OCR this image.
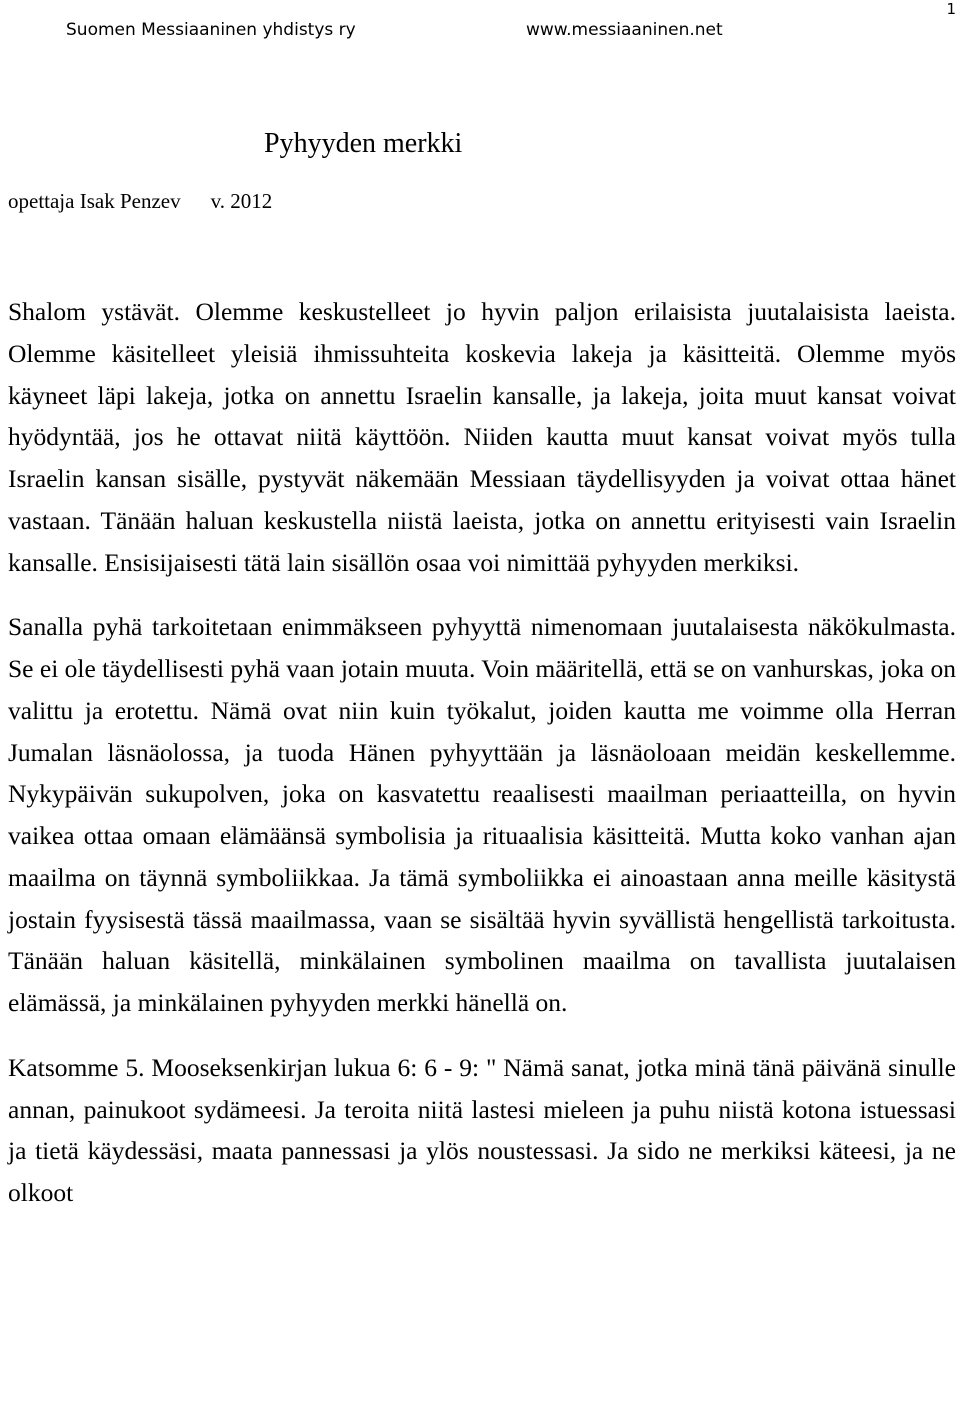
Suomen Messiaaninen yhdistys ry	www.messiaaninen.net
1
Pyhyyden merkki
opettaja Isak Penzev v. 2012

Shalom ystävät. Olemme keskustelleet jo hyvin paljon erilaisista juutalaisista laeista. Olemme käsitelleet yleisiä ihmissuhteita koskevia lakeja ja käsitteitä. Olemme myös käyneet läpi lakeja, jotka on annettu Israelin kansalle, ja lakeja, joita muut kansat voivat hyödyntää, jos he ottavat niitä käyttöön. Niiden kautta muut kansat voivat myös tulla Israelin kansan sisälle, pystyvät näkemään Messiaan täydellisyyden ja voivat ottaa hänet vastaan. Tänään haluan keskustella niistä laeista, jotka on annettu erityisesti vain Israelin kansalle. Ensisijaisesti tätä lain sisällön osaa voi nimittää pyhyyden merkiksi.

Sanalla pyhä tarkoitetaan enimmäkseen pyhyyttä nimenomaan juutalaisesta näkökulmasta. Se ei ole täydellisesti pyhä vaan jotain muuta. Voin määritellä, että se on vanhurskas, joka on valittu ja erotettu. Nämä ovat niin kuin työkalut, joiden kautta me voimme olla Herran Jumalan läsnäolossa, ja tuoda Hänen pyhyyttään ja läsnäoloaan meidän keskellemme. Nykypäivän sukupolven, joka on kasvatettu reaalisesti maailman periaatteilla, on hyvin vaikea ottaa omaan elämäänsä symbolisia ja rituaalisia käsitteitä. Mutta koko vanhan ajan maailma on täynnä symboliikkaa. Ja tämä symboliikka ei ainoastaan anna meille käsitystä jostain fyysisestä tässä maailmassa, vaan se sisältää hyvin syvällistä hengellistä tarkoitusta. Tänään haluan käsitellä, minkälainen symbolinen maailma on tavallista juutalaisen elämässä, ja minkälainen pyhyyden merkki hänellä on.

Katsomme 5. Mooseksenkirjan lukua 6: 6 - 9: " Nämä sanat, jotka minä tänä päivänä sinulle annan, painukoot sydämeesi. Ja teroita niitä lastesi mieleen ja puhu niistä kotona istuessasi ja tietä käydessäsi, maata pannessasi ja ylös noustessasi. Ja sido ne merkiksi käteesi, ja ne olkoot
